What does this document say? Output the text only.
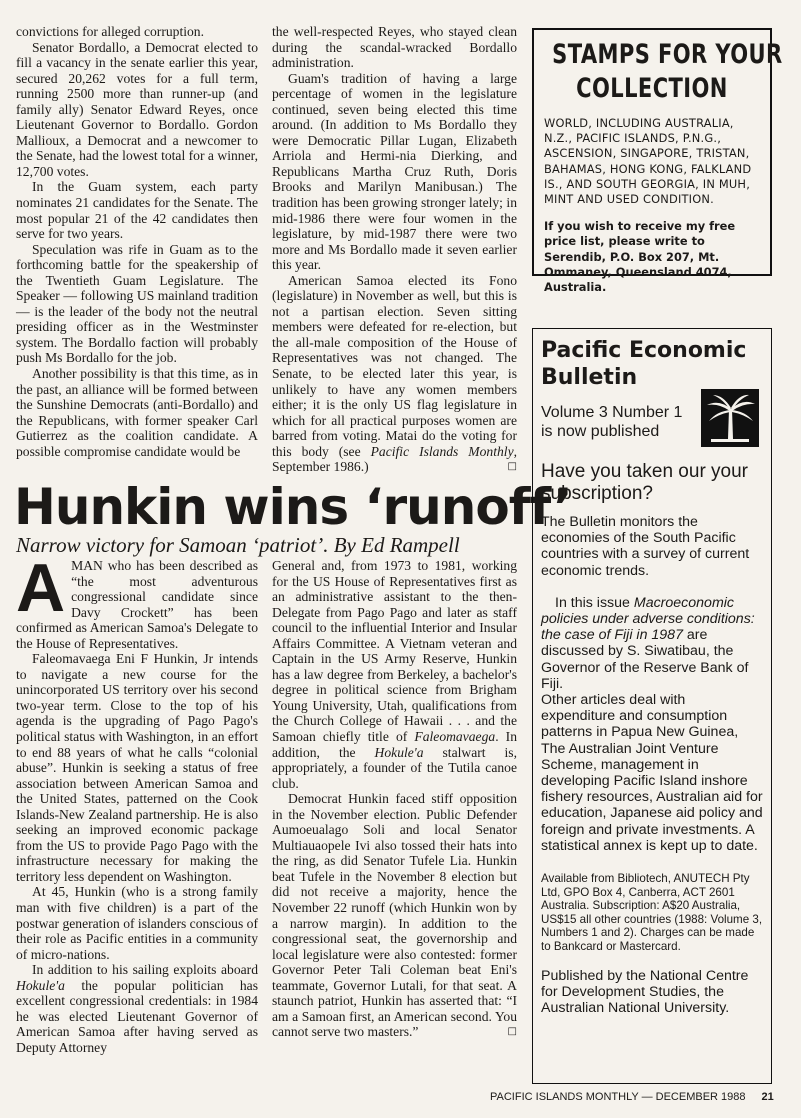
convictions for alleged corruption.

Senator Bordallo, a Democrat elected to fill a vacancy in the senate earlier this year, secured 20,262 votes for a full term, running 2500 more than runner-up (and family ally) Senator Edward Reyes, once Lieutenant Governor to Bordallo. Gordon Mallioux, a Democrat and a newcomer to the Senate, had the lowest total for a winner, 12,700 votes.

In the Guam system, each party nominates 21 candidates for the Senate. The most popular 21 of the 42 candidates then serve for two years.

Speculation was rife in Guam as to the forthcoming battle for the speakership of the Twentieth Guam Legislature. The Speaker — following US mainland tradition — is the leader of the body not the neutral presiding officer as in the Westminster system. The Bordallo faction will probably push Ms Bordallo for the job.

Another possibility is that this time, as in the past, an alliance will be formed between the Sunshine Democrats (anti-Bordallo) and the Republicans, with former speaker Carl Gutierrez as the coalition candidate. A possible compromise candidate would be

the well-respected Reyes, who stayed clean during the scandal-wracked Bordallo administration.

Guam's tradition of having a large percentage of women in the legislature continued, seven being elected this time around. (In addition to Ms Bordallo they were Democratic Pillar Lugan, Elizabeth Arriola and Hermi-nia Dierking, and Republicans Martha Cruz Ruth, Doris Brooks and Marilyn Manibusan.) The tradition has been growing stronger lately; in mid-1986 there were four women in the legislature, by mid-1987 there were two more and Ms Bordallo made it seven earlier this year.

American Samoa elected its Fono (legislature) in November as well, but this is not a partisan election. Seven sitting members were defeated for re-election, but the all-male composition of the House of Representatives was not changed. The Senate, to be elected later this year, is unlikely to have any women members either; it is the only US flag legislature in which for all practical purposes women are barred from voting. Matai do the voting for this body (see Pacific Islands Monthly, September 1986.) □

Hunkin wins ‘runoff’
Narrow victory for Samoan ‘patriot’. By Ed Rampell

AMAN who has been described as “the most adventurous congressional candidate since Davy Crockett” has been confirmed as American Samoa's Delegate to the House of Representatives.

Faleomavaega Eni F Hunkin, Jr intends to navigate a new course for the unincorporated US territory over his second two-year term. Close to the top of his agenda is the upgrading of Pago Pago's political status with Washington, in an effort to end 88 years of what he calls “colonial abuse”. Hunkin is seeking a status of free association between American Samoa and the United States, patterned on the Cook Islands-New Zealand partnership. He is also seeking an improved economic package from the US to provide Pago Pago with the infrastructure necessary for making the territory less dependent on Washington.

At 45, Hunkin (who is a strong family man with five children) is a part of the postwar generation of islanders conscious of their role as Pacific entities in a community of micro-nations.

In addition to his sailing exploits aboard Hokule'a the popular politician has excellent congressional credentials: in 1984 he was elected Lieutenant Governor of American Samoa after having served as Deputy Attorney

General and, from 1973 to 1981, working for the US House of Representatives first as an administrative assistant to the then-Delegate from Pago Pago and later as staff council to the influential Interior and Insular Affairs Committee. A Vietnam veteran and Captain in the US Army Reserve, Hunkin has a law degree from Berkeley, a bachelor's degree in political science from Brigham Young University, Utah, qualifications from the Church College of Hawaii . . . and the Samoan chiefly title of Faleomavaega. In addition, the Hokule'a stalwart is, appropriately, a founder of the Tutila canoe club.

Democrat Hunkin faced stiff opposition in the November election. Public Defender Aumoeualago Soli and local Senator Multiauaopele Ivi also tossed their hats into the ring, as did Senator Tufele Lia. Hunkin beat Tufele in the November 8 election but did not receive a majority, hence the November 22 runoff (which Hunkin won by a narrow margin). In addition to the congressional seat, the governorship and local legislature were also contested: former Governor Peter Tali Coleman beat Eni's teammate, Governor Lutali, for that seat. A staunch patriot, Hunkin has asserted that: “I am a Samoan first, an American second. You cannot serve two masters.” □

STAMPS FOR YOUR
COLLECTION
WORLD, INCLUDING AUSTRALIA, N.Z., PACIFIC ISLANDS, P.N.G., ASCENSION, SINGAPORE, TRISTAN, BAHAMAS, HONG KONG, FALKLAND IS., AND SOUTH GEORGIA, IN MUH, MINT AND USED CONDITION.
If you wish to receive my free price list, please write to Serendib, P.O. Box 207, Mt. Ommaney, Queensland 4074, Australia.
Pacific Economic
Bulletin
Volume 3 Number 1 is now published
Have you taken our your subscription?
The Bulletin monitors the economies of the South Pacific countries with a survey of current economic trends.
In this issue Macroeconomic policies under adverse conditions: the case of Fiji in 1987 are discussed by S. Siwatibau, the Governor of the Reserve Bank of Fiji.
Other articles deal with expenditure and consumption patterns in Papua New Guinea, The Australian Joint Venture Scheme, management in developing Pacific Island inshore fishery resources, Australian aid for education, Japanese aid policy and foreign and private investments. A statistical annex is kept up to date.
Available from Bibliotech, ANUTECH Pty Ltd, GPO Box 4, Canberra, ACT 2601 Australia. Subscription: A$20 Australia, US$15 all other countries (1988: Volume 3, Numbers 1 and 2). Charges can be made to Bankcard or Mastercard.
Published by the National Centre for Development Studies, the Australian National University.
PACIFIC ISLANDS MONTHLY — DECEMBER 1988 21
